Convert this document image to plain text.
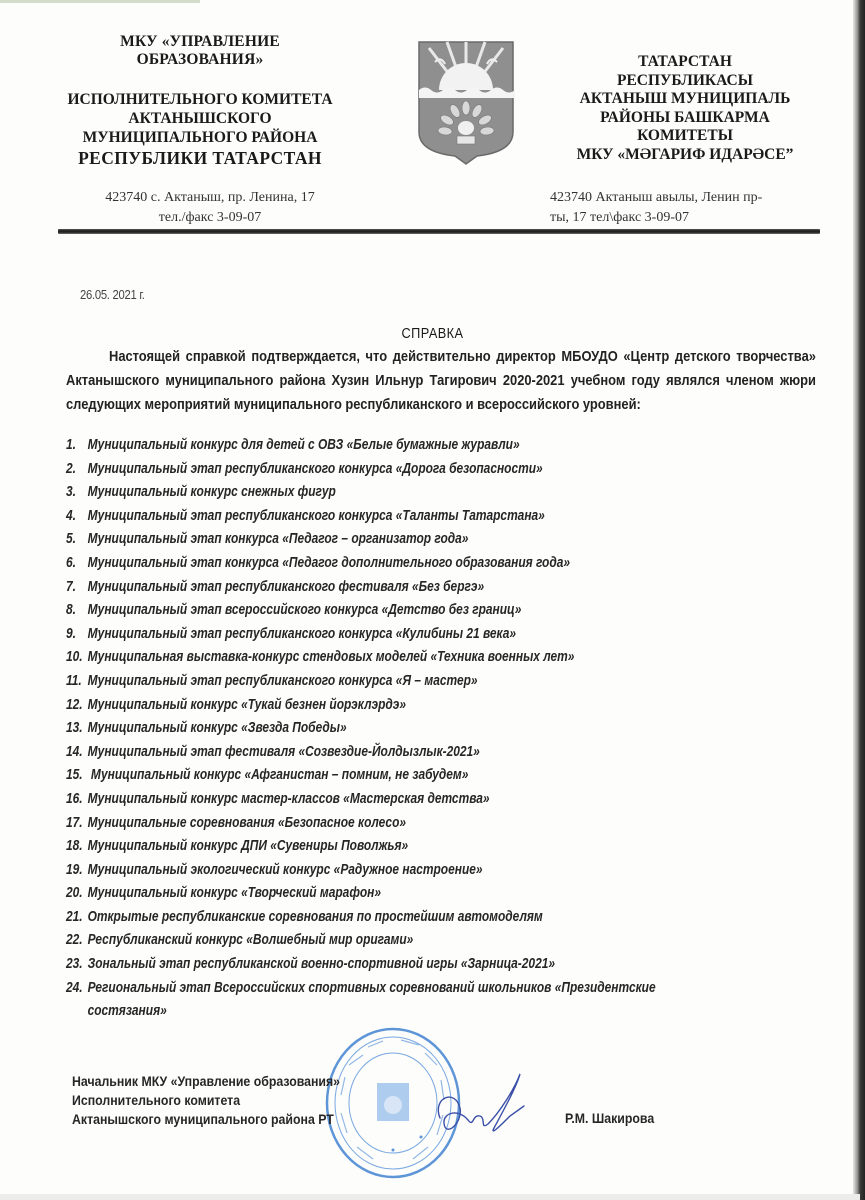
МКУ «УПРАВЛЕНИЕ
ОБРАЗОВАНИЯ»
ИСПОЛНИТЕЛЬНОГО КОМИТЕТА
АКТАНЫШСКОГО
МУНИЦИПАЛЬНОГО РАЙОНА
РЕСПУБЛИКИ ТАТАРСТАН
423740 с. Актаныш, пр. Ленина, 17
тел./факс 3-09-07
ТАТАРСТАН
РЕСПУБЛИКАСЫ
АКТАНЫШ МУНИЦИПАЛЬ
РАЙОНЫ БАШКАРМА
КОМИТЕТЫ
МКУ «МӘГАРИФ ИДАРӘСЕ”
423740 Актаныш авылы, Ленин пр-
ты, 17 тел\факс 3-09-07
26.05. 2021 г.
СПРАВКА

Настоящей справкой подтверждается, что действительно директор МБОУДО «Центр детского творчества» Актанышского муниципального района Хузин Ильнур Тагирович 2020-2021 учебном году являлся членом жюри следующих мероприятий муниципального республиканского и всероссийского уровней:

1. Муниципальный конкурс для детей с ОВЗ «Белые бумажные журавли»
2. Муниципальный этап республиканского конкурса «Дорога безопасности»
3. Муниципальный конкурс снежных фигур
4. Муниципальный этап республиканского конкурса «Таланты Татарстана»
5. Муниципальный этап конкурса «Педагог – организатор года»
6. Муниципальный этап конкурса «Педагог дополнительного образования года»
7. Муниципальный этап республиканского фестиваля «Без бергэ»
8. Муниципальный этап всероссийского конкурса «Детство без границ»
9. Муниципальный этап республиканского конкурса «Кулибины 21 века»
10. Муниципальная выставка-конкурс стендовых моделей «Техника военных лет»
11. Муниципальный этап республиканского конкурса «Я – мастер»
12. Муниципальный конкурс «Тукай безнен йорэклэрдэ»
13. Муниципальный конкурс «Звезда Победы»
14. Муниципальный этап фестиваля «Созвездие-Йолдызлык-2021»
15. Муниципальный конкурс «Афганистан – помним, не забудем»
16. Муниципальный конкурс мастер-классов «Мастерская детства»
17. Муниципальные соревнования «Безопасное колесо»
18. Муниципальный конкурс ДПИ «Сувениры Поволжья»
19. Муниципальный экологический конкурс «Радужное настроение»
20. Муниципальный конкурс «Творческий марафон»
21. Открытые республиканские соревнования по простейшим автомоделям
22. Республиканский конкурс «Волшебный мир оригами»
23. Зональный этап республиканской военно-спортивной игры «Зарница-2021»
24. Региональный этап Всероссийских спортивных соревнований школьников «Президентские
состязания»
Начальник МКУ «Управление образования»
Исполнительного комитета
Актанышского муниципального района РТ	Р.М. Шакирова
